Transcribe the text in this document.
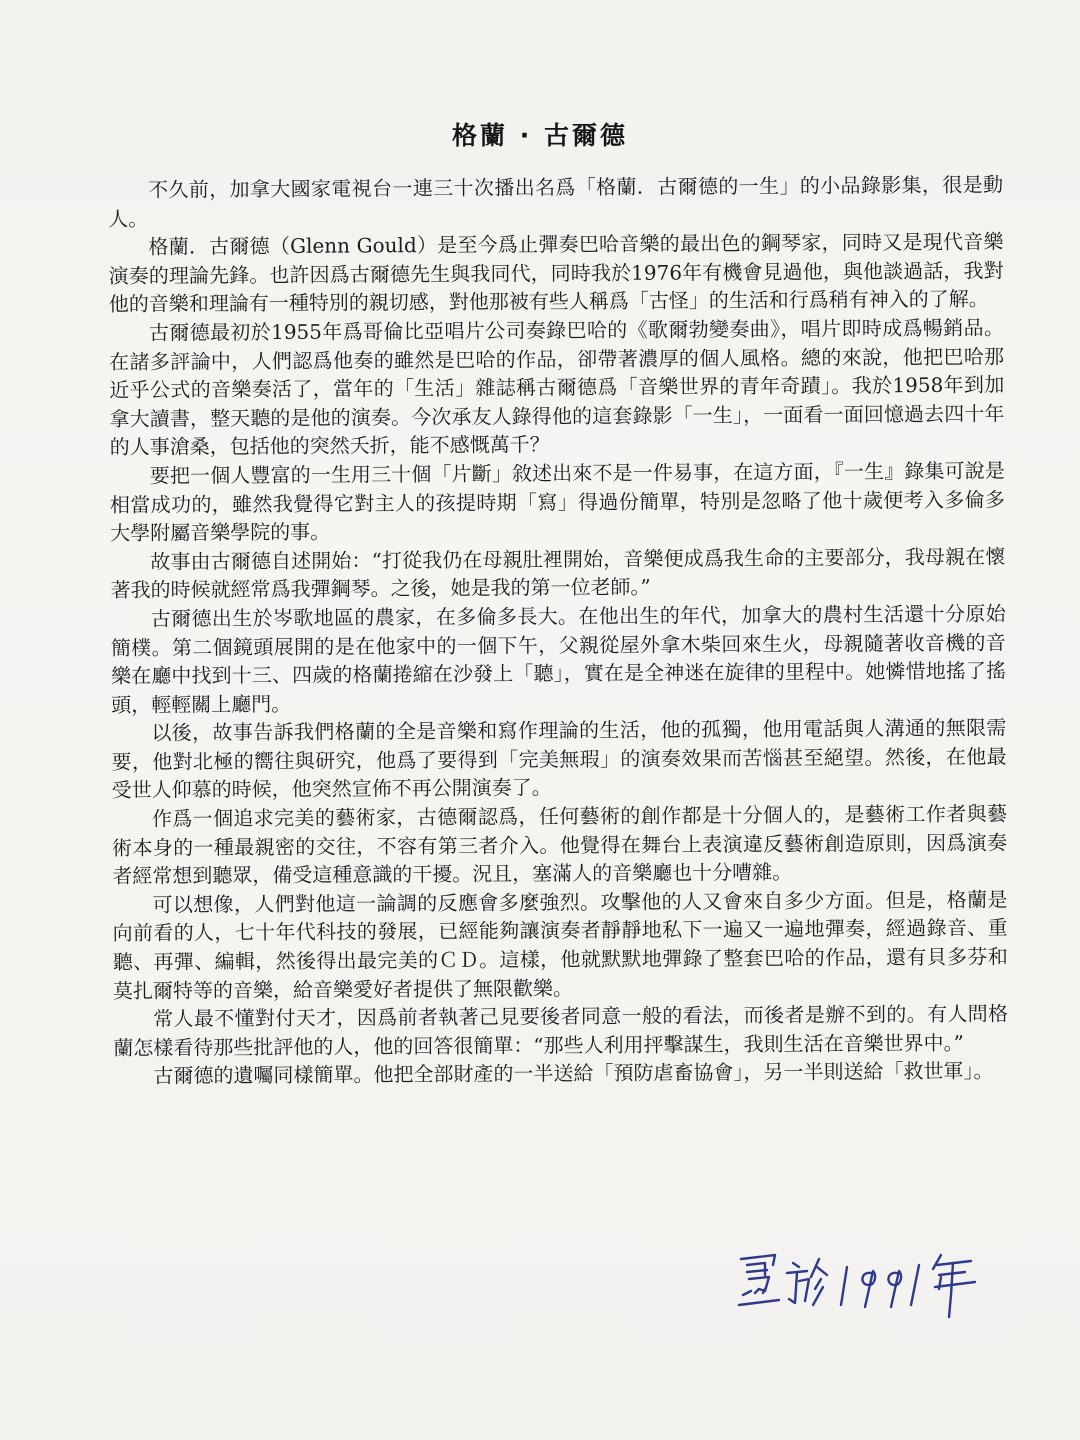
格蘭 · 古爾德

不久前，加拿大國家電視台一連三十次播出名爲「格蘭．古爾德的一生」的小品錄影集，很是動人。

格蘭．古爾德（Glenn Gould）是至今爲止彈奏巴哈音樂的最出色的鋼琴家，同時又是現代音樂演奏的理論先鋒。也許因爲古爾德先生與我同代，同時我於1976年有機會見過他，與他談過話，我對他的音樂和理論有一種特別的親切感，對他那被有些人稱爲「古怪」的生活和行爲稍有神入的了解。

古爾德最初於1955年爲哥倫比亞唱片公司奏錄巴哈的《歌爾勃變奏曲》，唱片即時成爲暢銷品。在諸多評論中，人們認爲他奏的雖然是巴哈的作品，卻帶著濃厚的個人風格。總的來說，他把巴哈那近乎公式的音樂奏活了，當年的「生活」雜誌稱古爾德爲「音樂世界的青年奇蹟」。我於1958年到加拿大讀書，整天聽的是他的演奏。今次承友人錄得他的這套錄影「一生」，一面看一面回憶過去四十年的人事滄桑，包括他的突然夭折，能不感慨萬千？

要把一個人豐富的一生用三十個「片斷」敘述出來不是一件易事，在這方面，『一生』錄集可說是相當成功的，雖然我覺得它對主人的孩提時期「寫」得過份簡單，特別是忽略了他十歲便考入多倫多大學附屬音樂學院的事。

故事由古爾德自述開始：“打從我仍在母親肚裡開始，音樂便成爲我生命的主要部分，我母親在懷著我的時候就經常爲我彈鋼琴。之後，她是我的第一位老師。”

古爾德出生於岑歌地區的農家，在多倫多長大。在他出生的年代，加拿大的農村生活還十分原始簡樸。第二個鏡頭展開的是在他家中的一個下午，父親從屋外拿木柴回來生火，母親隨著收音機的音樂在廳中找到十三、四歲的格蘭捲縮在沙發上「聽」，實在是全神迷在旋律的里程中。她憐惜地搖了搖頭，輕輕關上廳門。

以後，故事告訴我們格蘭的全是音樂和寫作理論的生活，他的孤獨，他用電話與人溝通的無限需要，他對北極的嚮往與研究，他爲了要得到「完美無瑕」的演奏效果而苦惱甚至絕望。然後，在他最受世人仰慕的時候，他突然宣佈不再公開演奏了。

作爲一個追求完美的藝術家，古德爾認爲，任何藝術的創作都是十分個人的，是藝術工作者與藝術本身的一種最親密的交往，不容有第三者介入。他覺得在舞台上表演違反藝術創造原則，因爲演奏者經常想到聽眾，備受這種意識的干擾。況且，塞滿人的音樂廳也十分嘈雜。

可以想像，人們對他這一論調的反應會多麼強烈。攻擊他的人又會來自多少方面。但是，格蘭是向前看的人，七十年代科技的發展，已經能夠讓演奏者靜靜地私下一遍又一遍地彈奏，經過錄音、重聽、再彈、編輯，然後得出最完美的ＣＤ。這樣，他就默默地彈錄了整套巴哈的作品，還有貝多芬和莫扎爾特等的音樂，給音樂愛好者提供了無限歡樂。

常人最不懂對付天才，因爲前者執著己見要後者同意一般的看法，而後者是辦不到的。有人問格蘭怎樣看待那些批評他的人，他的回答很簡單：“那些人利用抨擊謀生，我則生活在音樂世界中。”

古爾德的遺囑同樣簡單。他把全部財產的一半送給「預防虐畜協會」，另一半則送給「救世軍」。
